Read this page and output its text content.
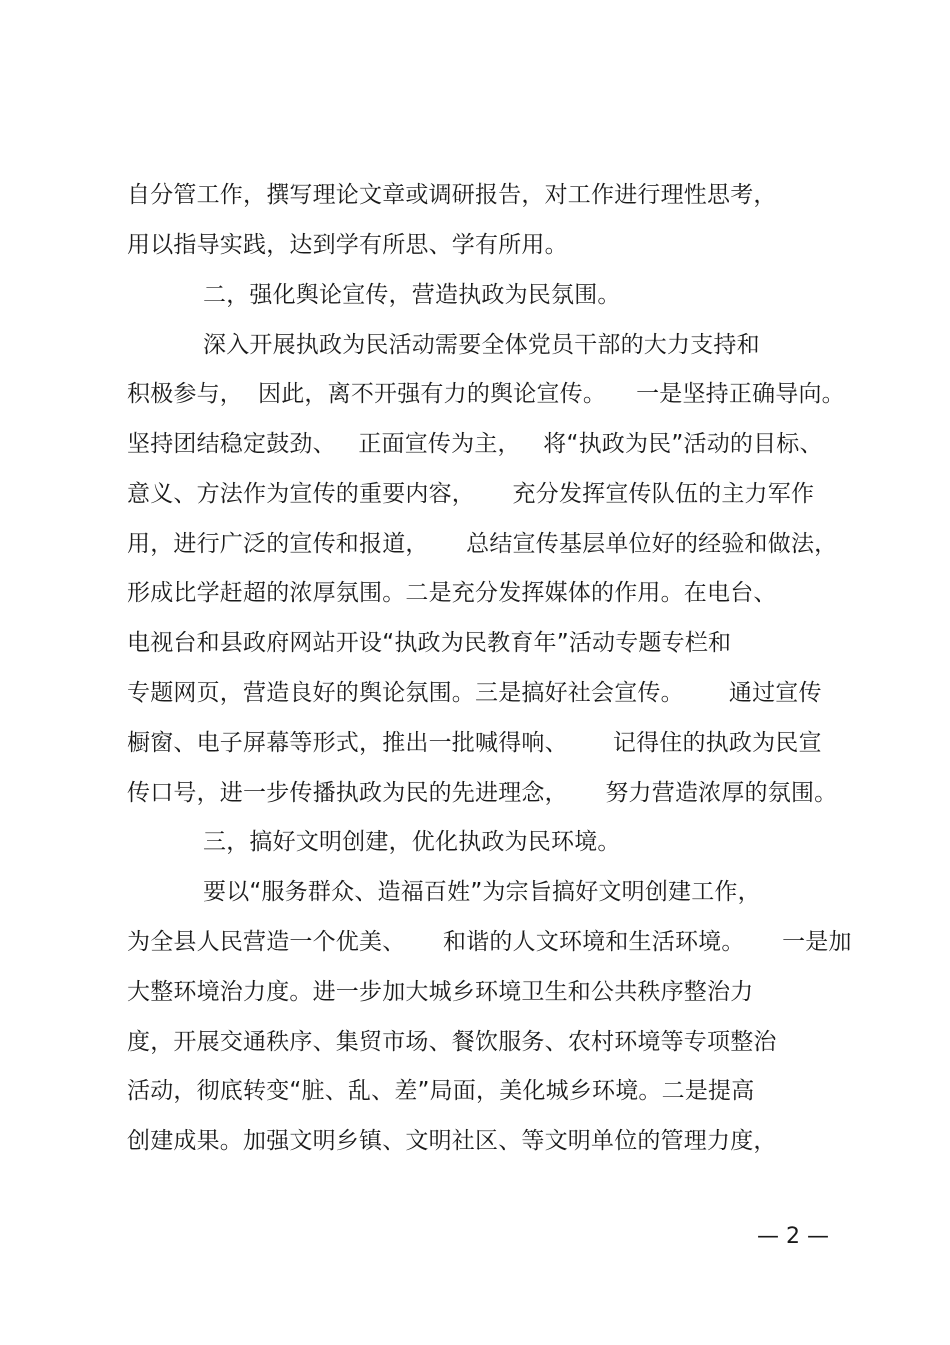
自分管工作，撰写理论文章或调研报告，对工作进行理性思考，
用以指导实践，达到学有所思、学有所用。
二，强化舆论宣传，营造执政为民氛围。
深入开展执政为民活动需要全体党员干部的大力支持和
积极参与，  因此，离不开强有力的舆论宣传。    一是坚持正确导向。
坚持团结稳定鼓劲、   正面宣传为主，   将“执政为民”活动的目标、
意义、方法作为宣传的重要内容，     充分发挥宣传队伍的主力军作
用，进行广泛的宣传和报道，     总结宣传基层单位好的经验和做法，
形成比学赶超的浓厚氛围。二是充分发挥媒体的作用。在电台、
电视台和县政府网站开设“执政为民教育年”活动专题专栏和
专题网页，营造良好的舆论氛围。三是搞好社会宣传。      通过宣传
橱窗、电子屏幕等形式，推出一批喊得响、      记得住的执政为民宣
传口号，进一步传播执政为民的先进理念，     努力营造浓厚的氛围。
三，搞好文明创建，优化执政为民环境。
要以“服务群众、造福百姓”为宗旨搞好文明创建工作，
为全县人民营造一个优美、     和谐的人文环境和生活环境。     一是加
大整环境治力度。进一步加大城乡环境卫生和公共秩序整治力
度，开展交通秩序、集贸市场、餐饮服务、农村环境等专项整治
活动，彻底转变“脏、乱、差”局面，美化城乡环境。二是提高
创建成果。加强文明乡镇、文明社区、等文明单位的管理力度，
— 2 —
